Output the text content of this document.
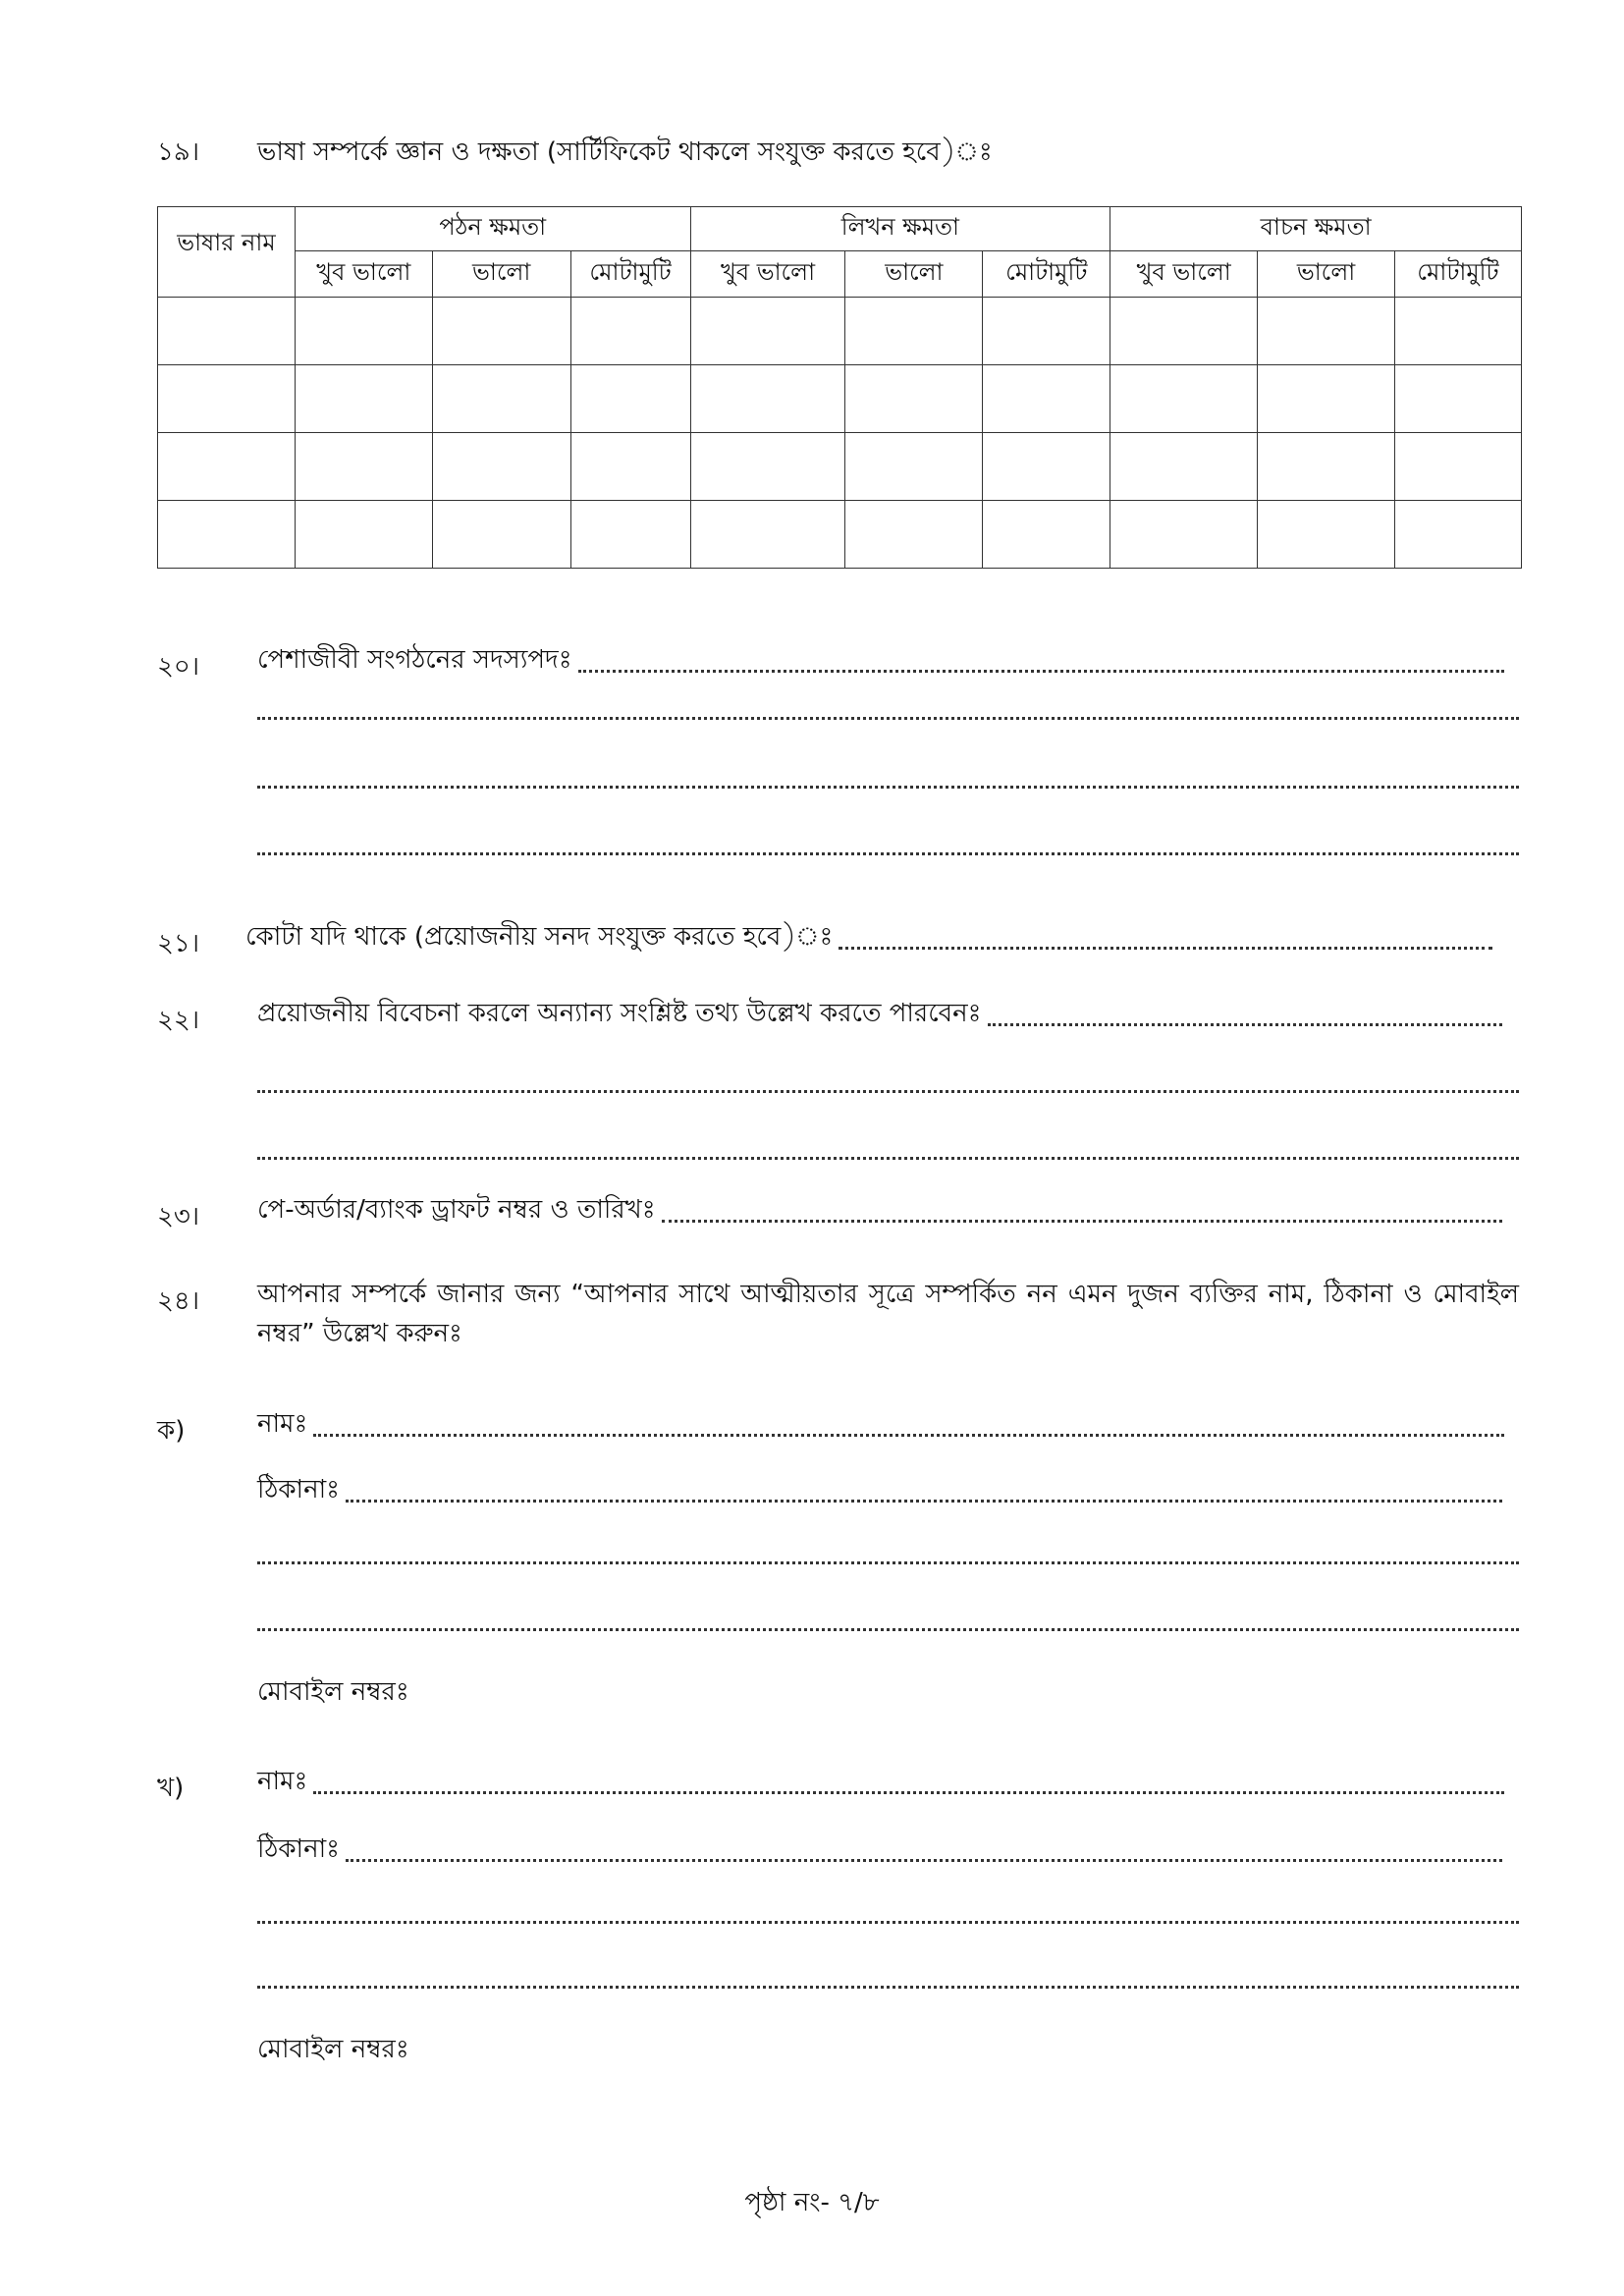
১৯। ভাষা সম্পর্কে জ্ঞান ও দক্ষতা (সার্টিফিকেট থাকলে সংযুক্ত করতে হবে)ঃ
ভাষার নাম	পঠন ক্ষমতা			লিখন ক্ষমতা			বাচন ক্ষমতা		
	খুব ভালো	ভালো	মোটামুটি	খুব ভালো	ভালো	মোটামুটি	খুব ভালো	ভালো	মোটামুটি

২০। পেশাজীবী সংগঠনের সদস্যপদঃ
২১। কোটা যদি থাকে (প্রয়োজনীয় সনদ সংযুক্ত করতে হবে)ঃ
২২। প্রয়োজনীয় বিবেচনা করলে অন্যান্য সংশ্লিষ্ট তথ্য উল্লেখ করতে পারবেনঃ
২৩। পে-অর্ডার/ব্যাংক ড্রাফট নম্বর ও তারিখঃ
২৪। আপনার সম্পর্কে জানার জন্য “আপনার সাথে আত্মীয়তার সূত্রে সম্পর্কিত নন এমন দুজন ব্যক্তির নাম, ঠিকানা ও মোবাইল নম্বর” উল্লেখ করুনঃ
ক)	নামঃ
ঠিকানাঃ
মোবাইল নম্বরঃ
খ)	নামঃ
ঠিকানাঃ
মোবাইল নম্বরঃ
পৃষ্ঠা নং- ৭/৮
